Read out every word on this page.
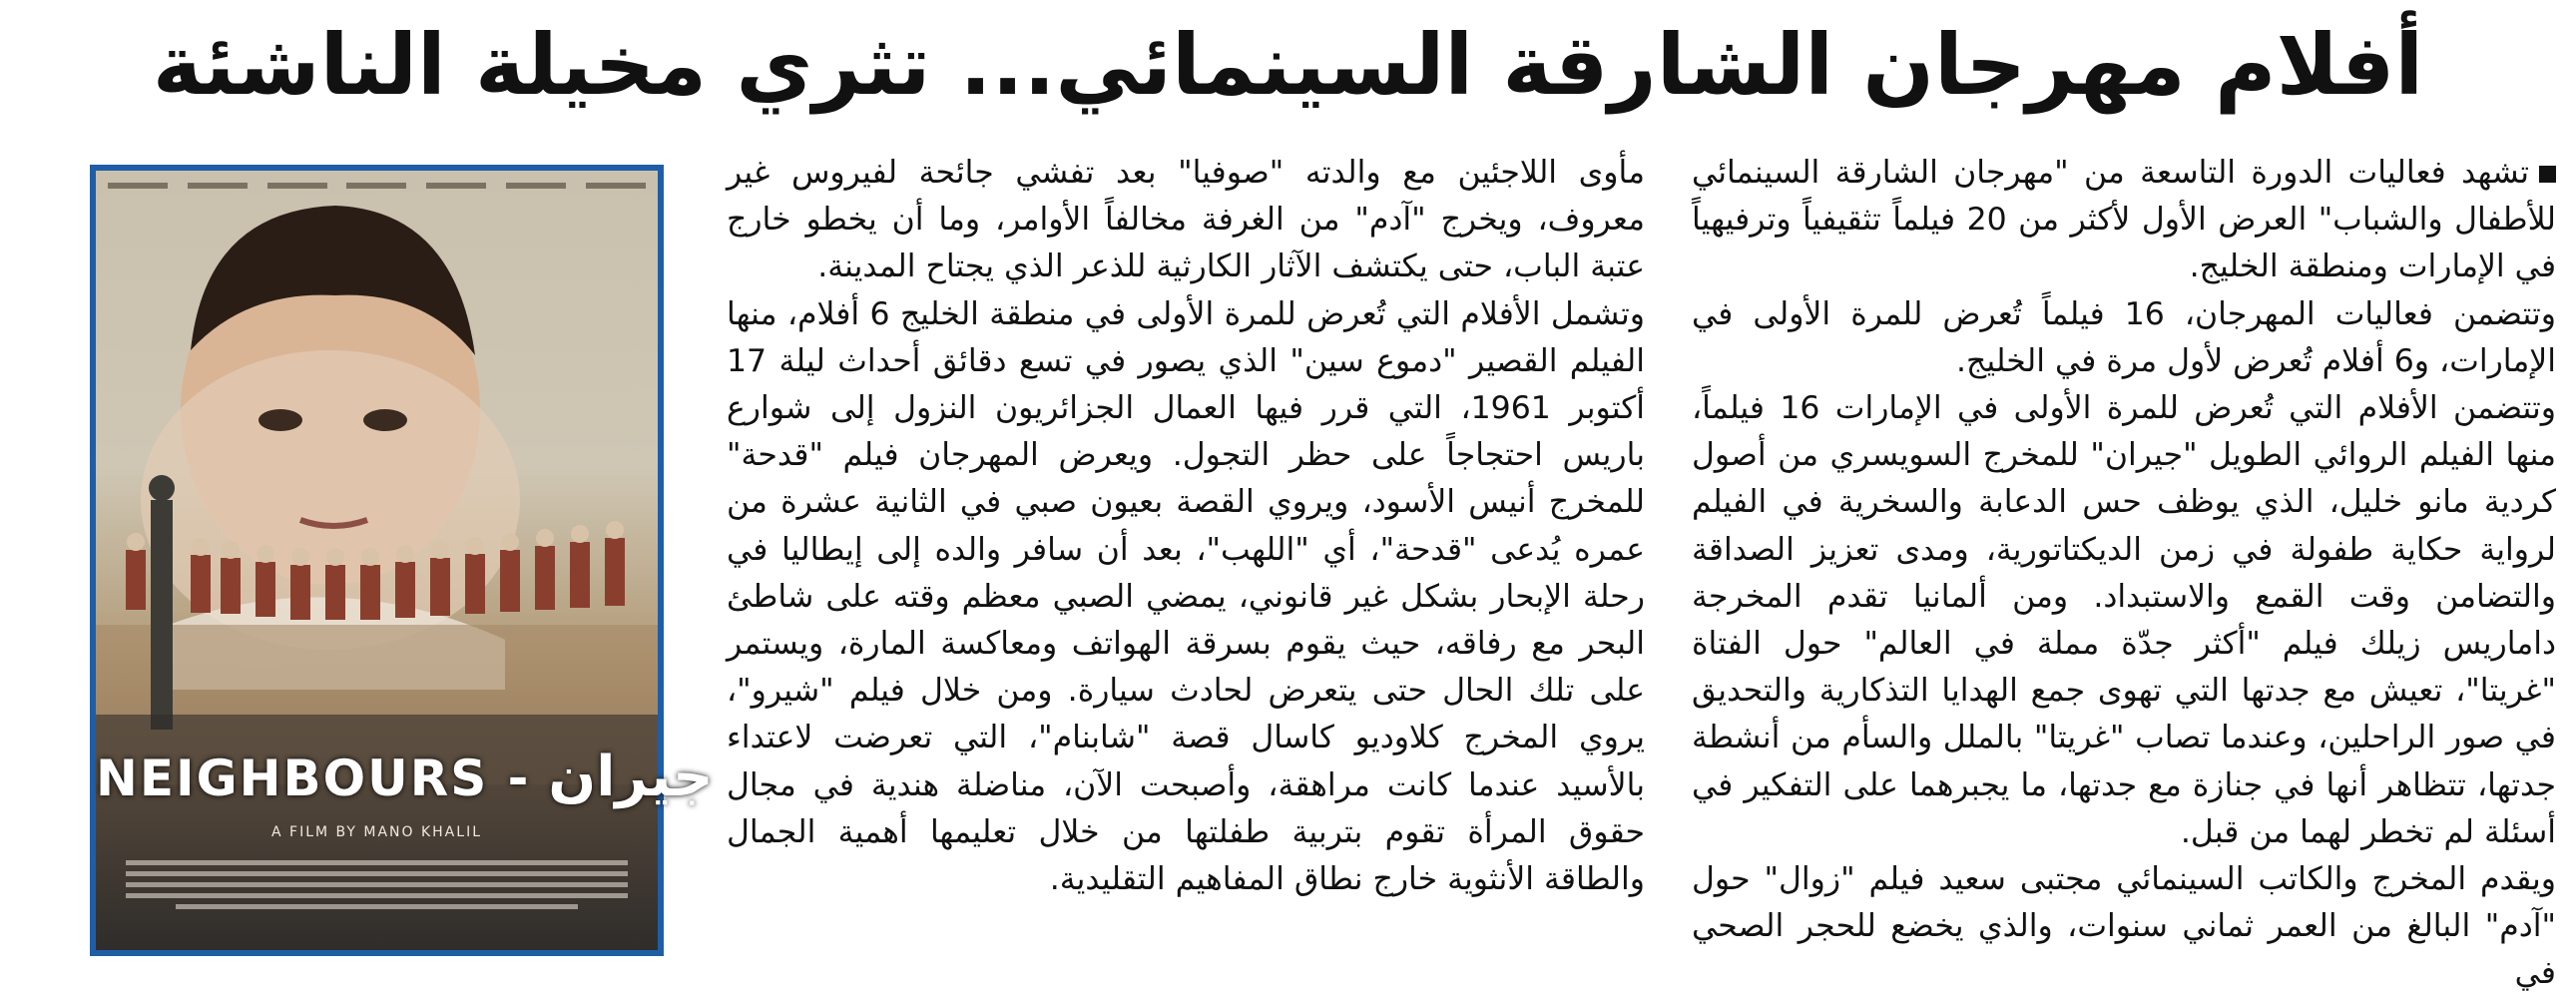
أفلام مهرجان الشارقة السينمائي... تثري مخيلة الناشئة

تشهد فعاليات الدورة التاسعة من "مهرجان الشارقة السينمائي للأطفال والشباب" العرض الأول لأكثر من 20 فيلماً تثقيفياً وترفيهياً في الإمارات ومنطقة الخليج.

وتتضمن فعاليات المهرجان، 16 فيلماً تُعرض للمرة الأولى في الإمارات، و6 أفلام تُعرض لأول مرة في الخليج.

وتتضمن الأفلام التي تُعرض للمرة الأولى في الإمارات 16 فيلماً، منها الفيلم الروائي الطويل "جيران" للمخرج السويسري من أصول كردية مانو خليل، الذي يوظف حس الدعابة والسخرية في الفيلم لرواية حكاية طفولة في زمن الديكتاتورية، ومدى تعزيز الصداقة والتضامن وقت القمع والاستبداد. ومن ألمانيا تقدم المخرجة داماريس زيلك فيلم "أكثر جدّة مملة في العالم" حول الفتاة "غريتا"، تعيش مع جدتها التي تهوى جمع الهدايا التذكارية والتحديق في صور الراحلين، وعندما تصاب "غريتا" بالملل والسأم من أنشطة جدتها، تتظاهر أنها في جنازة مع جدتها، ما يجبرهما على التفكير في أسئلة لم تخطر لهما من قبل.

ويقدم المخرج والكاتب السينمائي مجتبى سعيد فيلم "زوال" حول "آدم" البالغ من العمر ثماني سنوات، والذي يخضع للحجر الصحي في

مأوى اللاجئين مع والدته "صوفيا" بعد تفشي جائحة لفيروس غير معروف، ويخرج "آدم" من الغرفة مخالفاً الأوامر، وما أن يخطو خارج عتبة الباب، حتى يكتشف الآثار الكارثية للذعر الذي يجتاح المدينة.

وتشمل الأفلام التي تُعرض للمرة الأولى في منطقة الخليج 6 أفلام، منها الفيلم القصير "دموع سين" الذي يصور في تسع دقائق أحداث ليلة 17 أكتوبر 1961، التي قرر فيها العمال الجزائريون النزول إلى شوارع باريس احتجاجاً على حظر التجول. ويعرض المهرجان فيلم "قدحة" للمخرج أنيس الأسود، ويروي القصة بعيون صبي في الثانية عشرة من عمره يُدعى "قدحة"، أي "اللهب"، بعد أن سافر والده إلى إيطاليا في رحلة الإبحار بشكل غير قانوني، يمضي الصبي معظم وقته على شاطئ البحر مع رفاقه، حيث يقوم بسرقة الهواتف ومعاكسة المارة، ويستمر على تلك الحال حتى يتعرض لحادث سيارة. ومن خلال فيلم "شيرو"، يروي المخرج كلاوديو كاسال قصة "شابنام"، التي تعرضت لاعتداء بالأسيد عندما كانت مراهقة، وأصبحت الآن، مناضلة هندية في مجال حقوق المرأة تقوم بتربية طفلتها من خلال تعليمها أهمية الجمال والطاقة الأنثوية خارج نطاق المفاهيم التقليدية.

NEIGHBOURS - جيران
A FILM BY MANO KHALIL
